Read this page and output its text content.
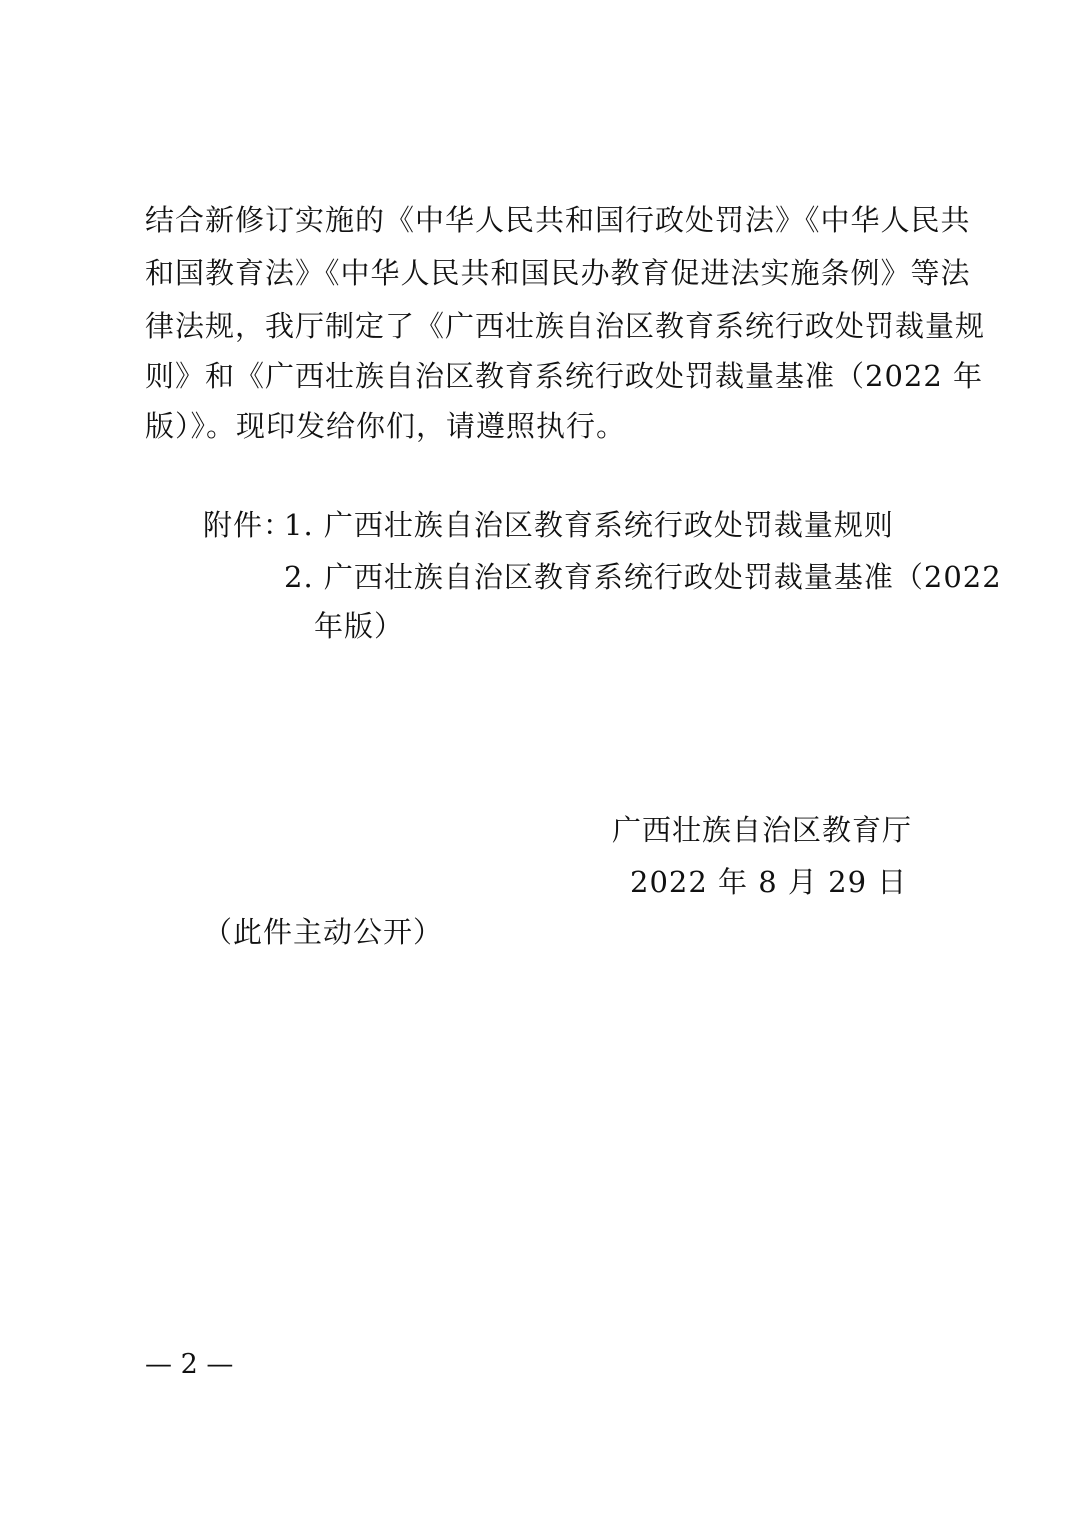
结合新修订实施的《中华人民共和国行政处罚法》《中华人民共
和国教育法》《中华人民共和国民办教育促进法实施条例》等法
律法规，我厅制定了《广西壮族自治区教育系统行政处罚裁量规
则》和《广西壮族自治区教育系统行政处罚裁量基准（2022 年
版）》。现印发给你们，请遵照执行。
附件：
1. 广西壮族自治区教育系统行政处罚裁量规则
2. 广西壮族自治区教育系统行政处罚裁量基准（2022
年版）
广西壮族自治区教育厅
2022 年 8 月 29 日
（此件主动公开）
— 2 —
